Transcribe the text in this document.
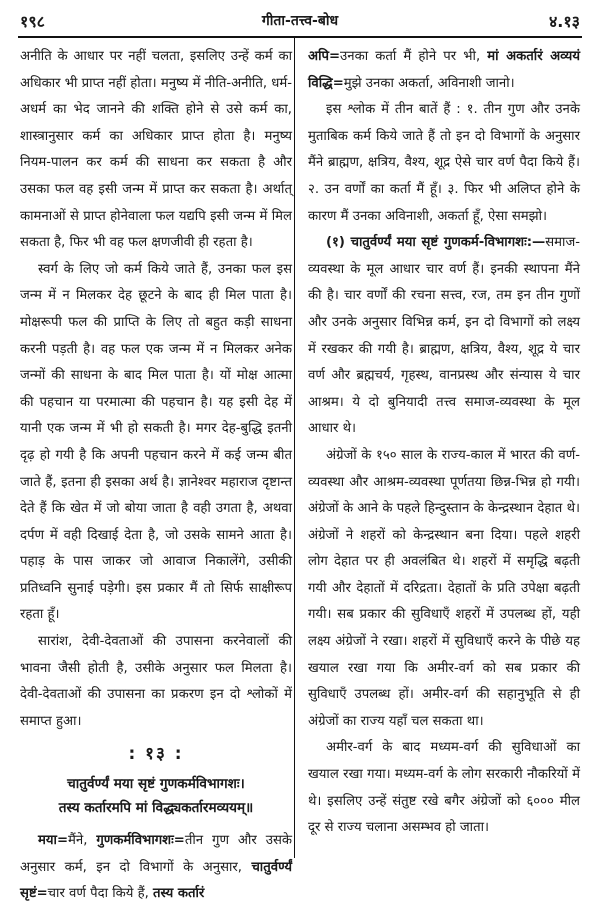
१९८	गीता-तत्त्व-बोध	४.१३

अनीति के आधार पर नहीं चलता, इसलिए उन्हें कर्म का अधिकार भी प्राप्त नहीं होता। मनुष्य में नीति-अनीति, धर्म-अधर्म का भेद जानने की शक्ति होने से उसे कर्म का, शास्त्रानुसार कर्म का अधिकार प्राप्त होता है। मनुष्य नियम-पालन कर कर्म की साधना कर सकता है और उसका फल वह इसी जन्म में प्राप्त कर सकता है। अर्थात् कामनाओं से प्राप्त होनेवाला फल यद्यपि इसी जन्म में मिल सकता है, फिर भी वह फल क्षणजीवी ही रहता है।

स्वर्ग के लिए जो कर्म किये जाते हैं, उनका फल इस जन्म में न मिलकर देह छूटने के बाद ही मिल पाता है। मोक्षरूपी फल की प्राप्ति के लिए तो बहुत कड़ी साधना करनी पड़ती है। वह फल एक जन्म में न मिलकर अनेक जन्मों की साधना के बाद मिल पाता है। यों मोक्ष आत्मा की पहचान या परमात्मा की पहचान है। यह इसी देह में यानी एक जन्म में भी हो सकती है। मगर देह-बुद्धि इतनी दृढ़ हो गयी है कि अपनी पहचान करने में कई जन्म बीत जाते हैं, इतना ही इसका अर्थ है। ज्ञानेश्वर महाराज दृष्टान्त देते हैं कि खेत में जो बोया जाता है वही उगता है, अथवा दर्पण में वही दिखाई देता है, जो उसके सामने आता है। पहाड़ के पास जाकर जो आवाज निकालेंगे, उसीकी प्रतिध्वनि सुनाई पड़ेगी। इस प्रकार मैं तो सिर्फ साक्षीरूप रहता हूँ।

सारांश, देवी-देवताओं की उपासना करनेवालों की भावना जैसी होती है, उसीके अनुसार फल मिलता है। देवी-देवताओं की उपासना का प्रकरण इन दो श्लोकों में समाप्त हुआ।

: १३ :
चातुर्वर्ण्यं मया सृष्टं गुणकर्मविभागशः।
तस्य कर्तारमपि मां विद्ध्यकर्तारमव्ययम्॥

मया=मैंने, गुणकर्मविभागशः=तीन गुण और उसके अनुसार कर्म, इन दो विभागों के अनुसार, चातुर्वर्ण्यं सृष्टं=चार वर्ण पैदा किये हैं, तस्य कर्तारं

अपि=उनका कर्ता मैं होने पर भी, मां अकर्तारं अव्ययं विद्धि=मुझे उनका अकर्ता, अविनाशी जानो।

इस श्लोक में तीन बातें हैं : १. तीन गुण और उनके मुताबिक कर्म किये जाते हैं तो इन दो विभागों के अनुसार मैंने ब्राह्मण, क्षत्रिय, वैश्य, शूद्र ऐसे चार वर्ण पैदा किये हैं। २. उन वर्णों का कर्ता मैं हूँ। ३. फिर भी अलिप्त होने के कारण मैं उनका अविनाशी, अकर्ता हूँ, ऐसा समझो।

(१) चातुर्वर्ण्यं मया सृष्टं गुणकर्म-विभागशः:—समाज-व्यवस्था के मूल आधार चार वर्ण हैं। इनकी स्थापना मैंने की है। चार वर्णों की रचना सत्त्व, रज, तम इन तीन गुणों और उनके अनुसार विभिन्न कर्म, इन दो विभागों को लक्ष्य में रखकर की गयी है। ब्राह्मण, क्षत्रिय, वैश्य, शूद्र ये चार वर्ण और ब्रह्मचर्य, गृहस्थ, वानप्रस्थ और संन्यास ये चार आश्रम। ये दो बुनियादी तत्त्व समाज-व्यवस्था के मूल आधार थे।

अंग्रेजों के १५० साल के राज्य-काल में भारत की वर्ण-व्यवस्था और आश्रम-व्यवस्था पूर्णतया छिन्न-भिन्न हो गयी। अंग्रेजों के आने के पहले हिन्दुस्तान के केन्द्रस्थान देहात थे। अंग्रेजों ने शहरों को केन्द्रस्थान बना दिया। पहले शहरी लोग देहात पर ही अवलंबित थे। शहरों में समृद्धि बढ़ती गयी और देहातों में दरिद्रता। देहातों के प्रति उपेक्षा बढ़ती गयी। सब प्रकार की सुविधाएँ शहरों में उपलब्ध हों, यही लक्ष्य अंग्रेजों ने रखा। शहरों में सुविधाएँ करने के पीछे यह खयाल रखा गया कि अमीर-वर्ग को सब प्रकार की सुविधाएँ उपलब्ध हों। अमीर-वर्ग की सहानुभूति से ही अंग्रेजों का राज्य यहाँ चल सकता था।

अमीर-वर्ग के बाद मध्यम-वर्ग की सुविधाओं का खयाल रखा गया। मध्यम-वर्ग के लोग सरकारी नौकरियों में थे। इसलिए उन्हें संतुष्ट रखे बगैर अंग्रेजों को ६००० मील दूर से राज्य चलाना असम्भव हो जाता।
